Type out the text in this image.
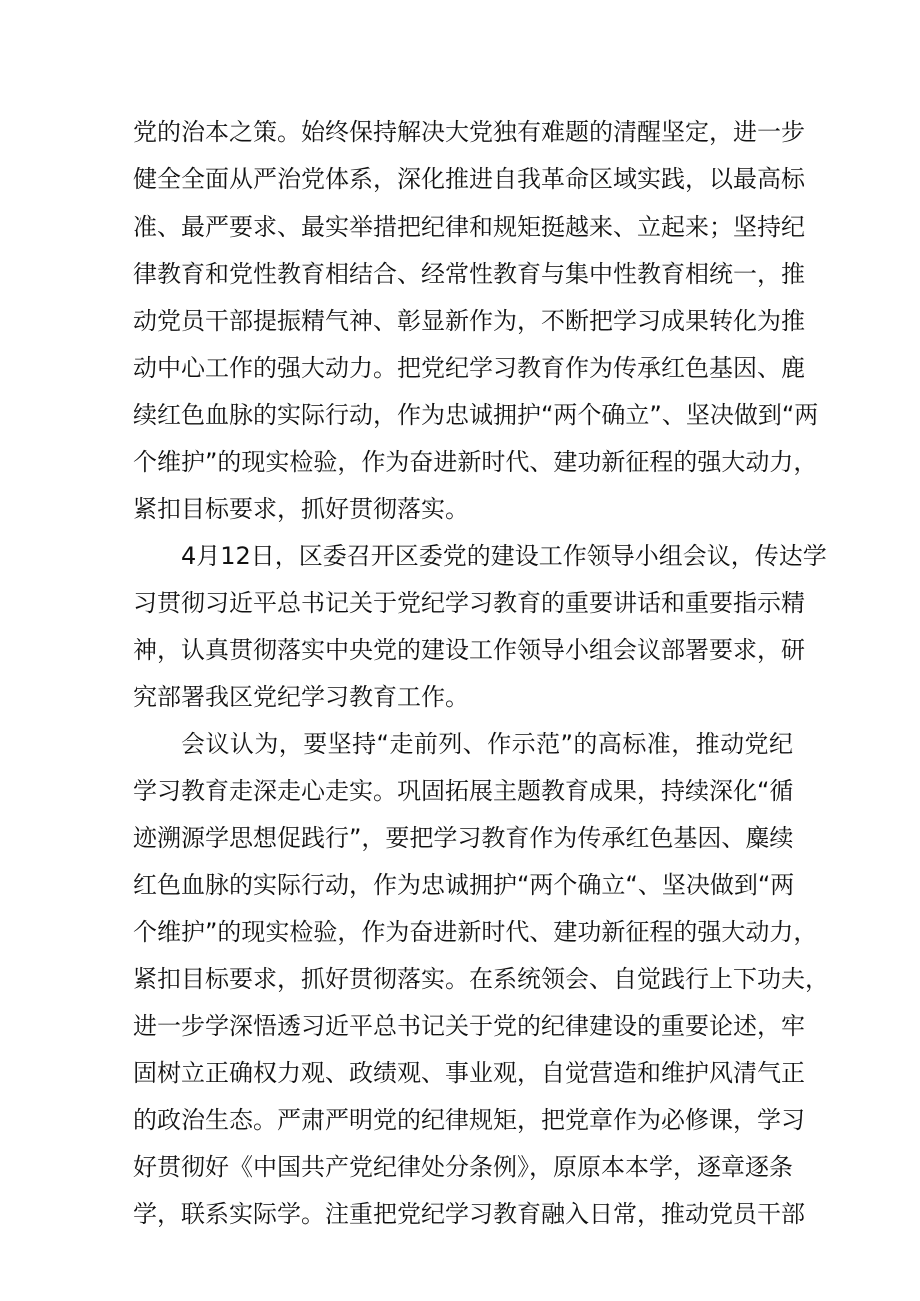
党的治本之策。始终保持解决大党独有难题的清醒坚定，进一步
健全全面从严治党体系，深化推进自我革命区域实践，以最高标
准、最严要求、最实举措把纪律和规矩挺越来、立起来；坚持纪
律教育和党性教育相结合、经常性教育与集中性教育相统一，推
动党员干部提振精气神、彰显新作为，不断把学习成果转化为推
动中心工作的强大动力。把党纪学习教育作为传承红色基因、鹿
续红色血脉的实际行动，作为忠诚拥护“两个确立”、坚决做到“两
个维护”的现实检验，作为奋进新时代、建功新征程的强大动力，
紧扣目标要求，抓好贯彻落实。
4月12日，区委召开区委党的建设工作领导小组会议，传达学
习贯彻习近平总书记关于党纪学习教育的重要讲话和重要指示精
神，认真贯彻落实中央党的建设工作领导小组会议部署要求，研
究部署我区党纪学习教育工作。
会议认为，要坚持“走前列、作示范”的高标准，推动党纪
学习教育走深走心走实。巩固拓展主题教育成果，持续深化“循
迹溯源学思想促践行”，要把学习教育作为传承红色基因、麋续
红色血脉的实际行动，作为忠诚拥护“两个确立“、坚决做到“两
个维护”的现实检验，作为奋进新时代、建功新征程的强大动力，
紧扣目标要求，抓好贯彻落实。在系统领会、自觉践行上下功夫，
进一步学深悟透习近平总书记关于党的纪律建设的重要论述，牢
固树立正确权力观、政绩观、事业观，自觉营造和维护风清气正
的政治生态。严肃严明党的纪律规矩，把党章作为必修课，学习
好贯彻好《中国共产党纪律处分条例》，原原本本学，逐章逐条
学，联系实际学。注重把党纪学习教育融入日常，推动党员干部
